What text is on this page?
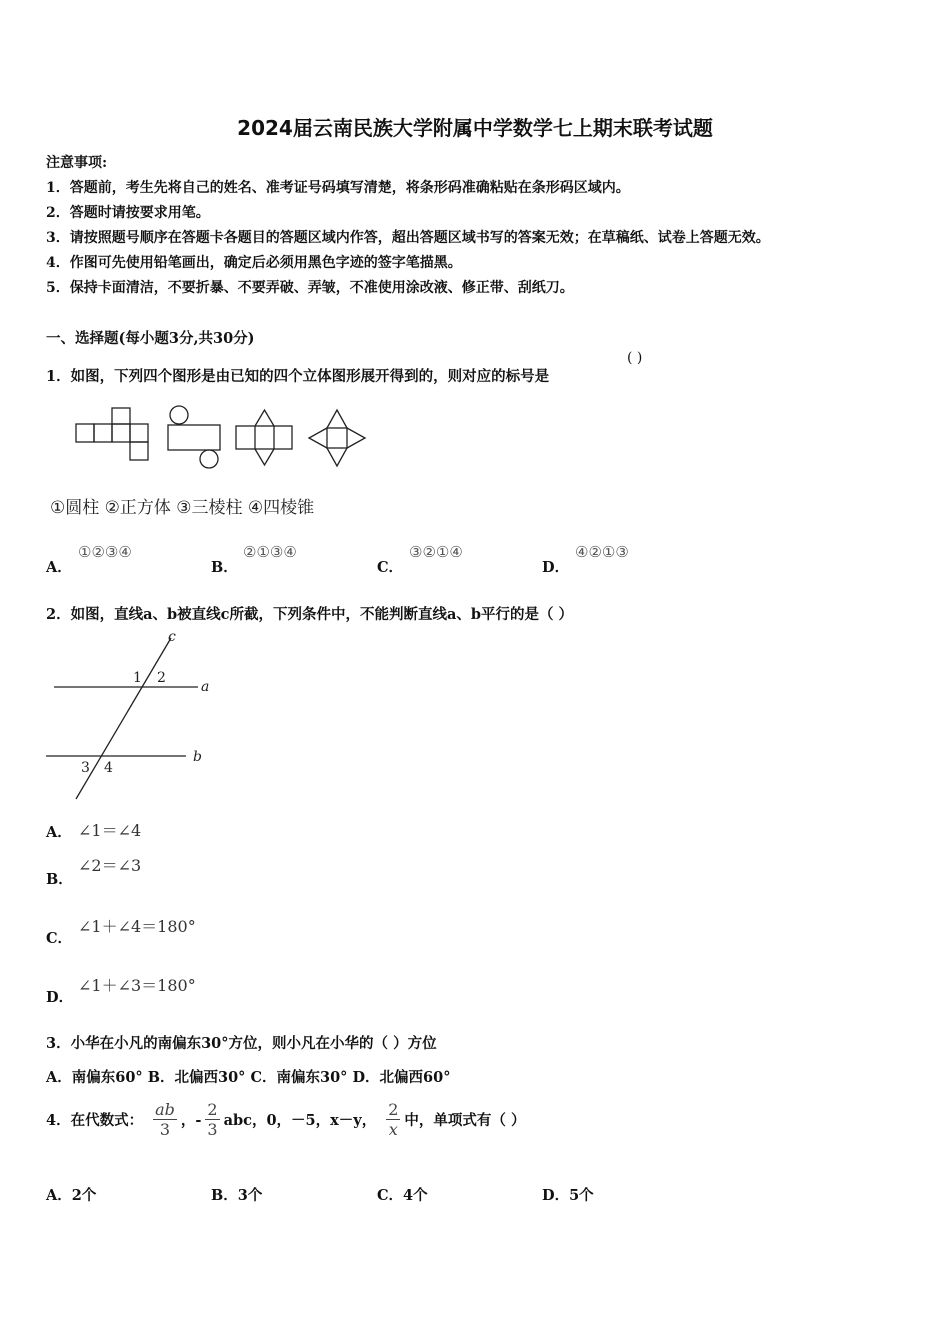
2024届云南民族大学附属中学数学七上期末联考试题
注意事项:
1．答题前，考生先将自己的姓名、准考证号码填写清楚，将条形码准确粘贴在条形码区域内。
2．答题时请按要求用笔。
3．请按照题号顺序在答题卡各题目的答题区域内作答，超出答题区域书写的答案无效；在草稿纸、试卷上答题无效。
4．作图可先使用铅笔画出，确定后必须用黑色字迹的签字笔描黑。
5．保持卡面清洁，不要折暴、不要弄破、弄皱，不准使用涂改液、修正带、刮纸刀。
一、选择题(每小题3分,共30分)
1．如图，下列四个图形是由已知的四个立体图形展开得到的，则对应的标号是
( )
①圆柱 ②正方体 ③三棱柱 ④四棱锥
A．
①②③④
B．
②①③④
C．
③②①④
D．
④②①③
2．如图，直线a、b被直线c所截，下列条件中，不能判断直线a、b平行的是（ ）
c
a
b
1 2
3 4
A． ∠1＝∠4
B．
∠2＝∠3
C．
∠1＋∠4＝180°
D．
∠1＋∠3＝180°
3．小华在小凡的南偏东30°方位，则小凡在小华的（ ）方位
A．南偏东60° B．北偏西30° C．南偏东30° D．北偏西60°
4．在代数式： $\frac{ab}{3}$ ，- $\frac{2}{3}$ abc，0，－5，x－y， $\frac{2}{x}$ 中，单项式有（ ）
A．2个	B．3个	C．4个	D．5个
